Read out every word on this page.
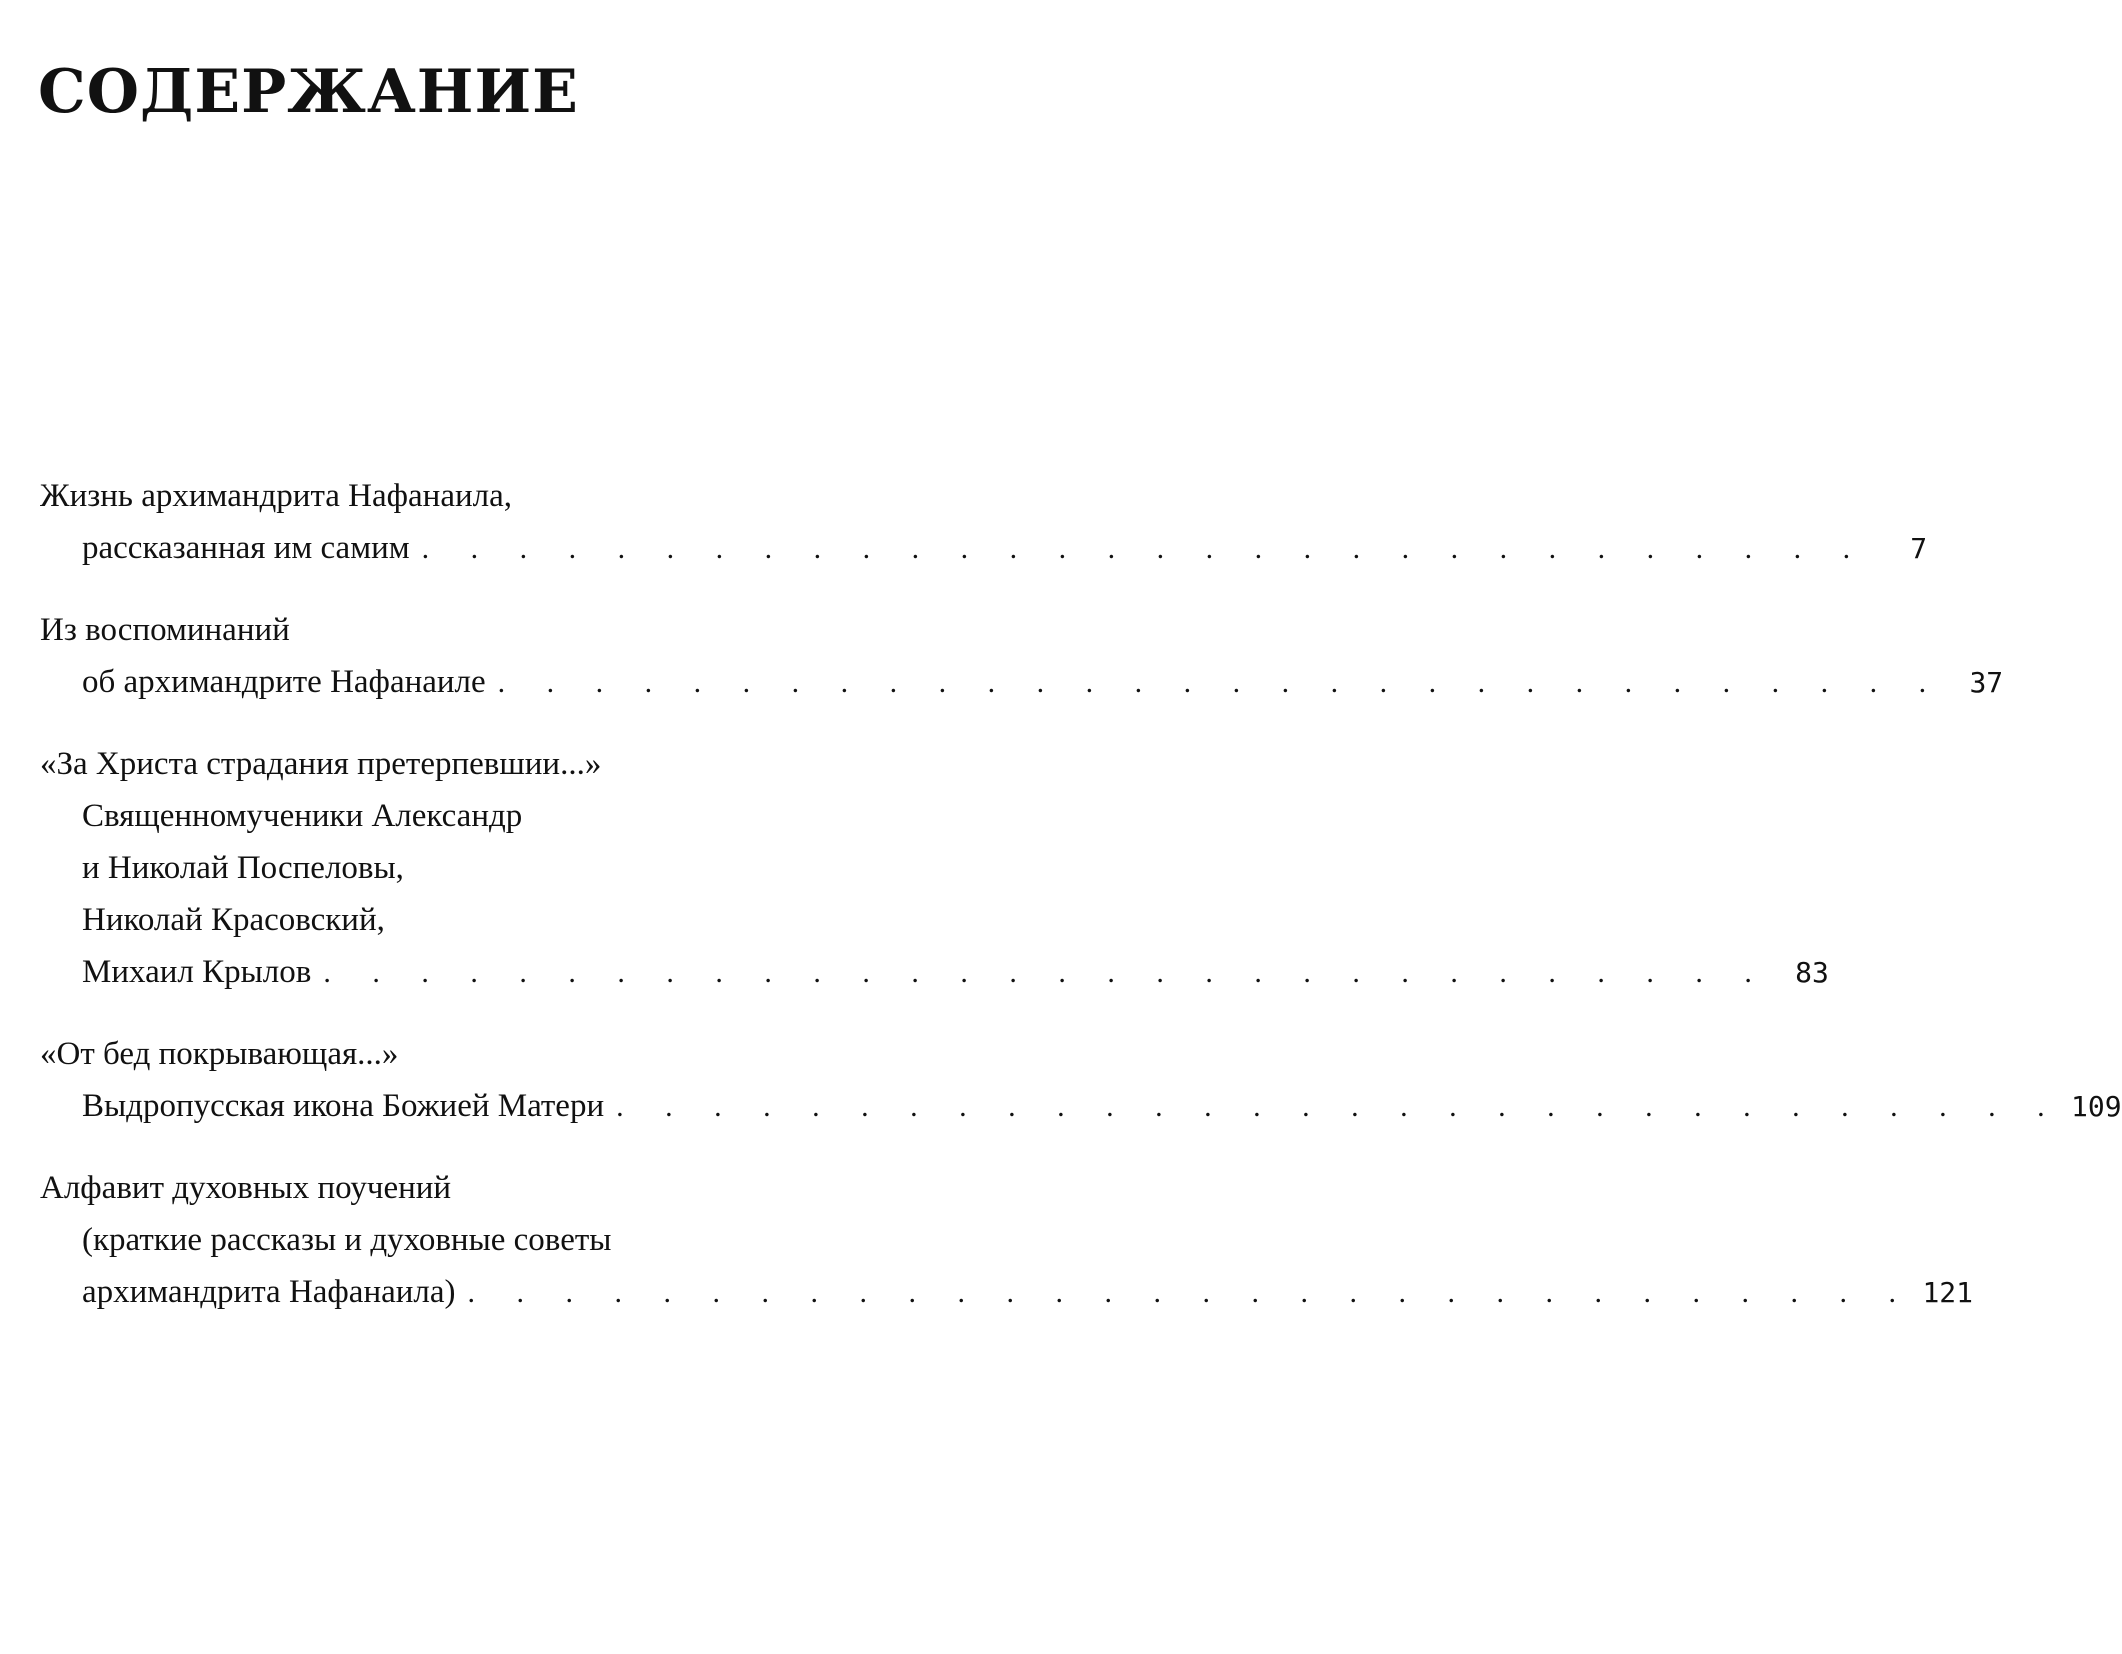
СОДЕРЖАНИЕ
Жизнь архимандрита Нафанаила,
рассказанная им самим . . . . . . . . . . . . . . . . . . . . . . . . . . . . . .	7
Из воспоминаний
об архимандрите Нафанаиле . . . . . . . . . . . . . . . . . . . . . . . . . . . . . . 37
«За Христа страдания претерпевшии...»
Священномученики Александр
и Николай Поспеловы,
Николай Красовский,
Михаил Крылов . . . . . . . . . . . . . . . . . . . . . . . . . . . . . . 83
«От бед покрывающая...»
Выдропусская икона Божией Матери . . . . . . . . . . . . . . . . . . . . . . . . . . . . . . 109
Алфавит духовных поучений
(краткие рассказы и духовные советы
архимандрита Нафанаила) . . . . . . . . . . . . . . . . . . . . . . . . . . . . . . 121
